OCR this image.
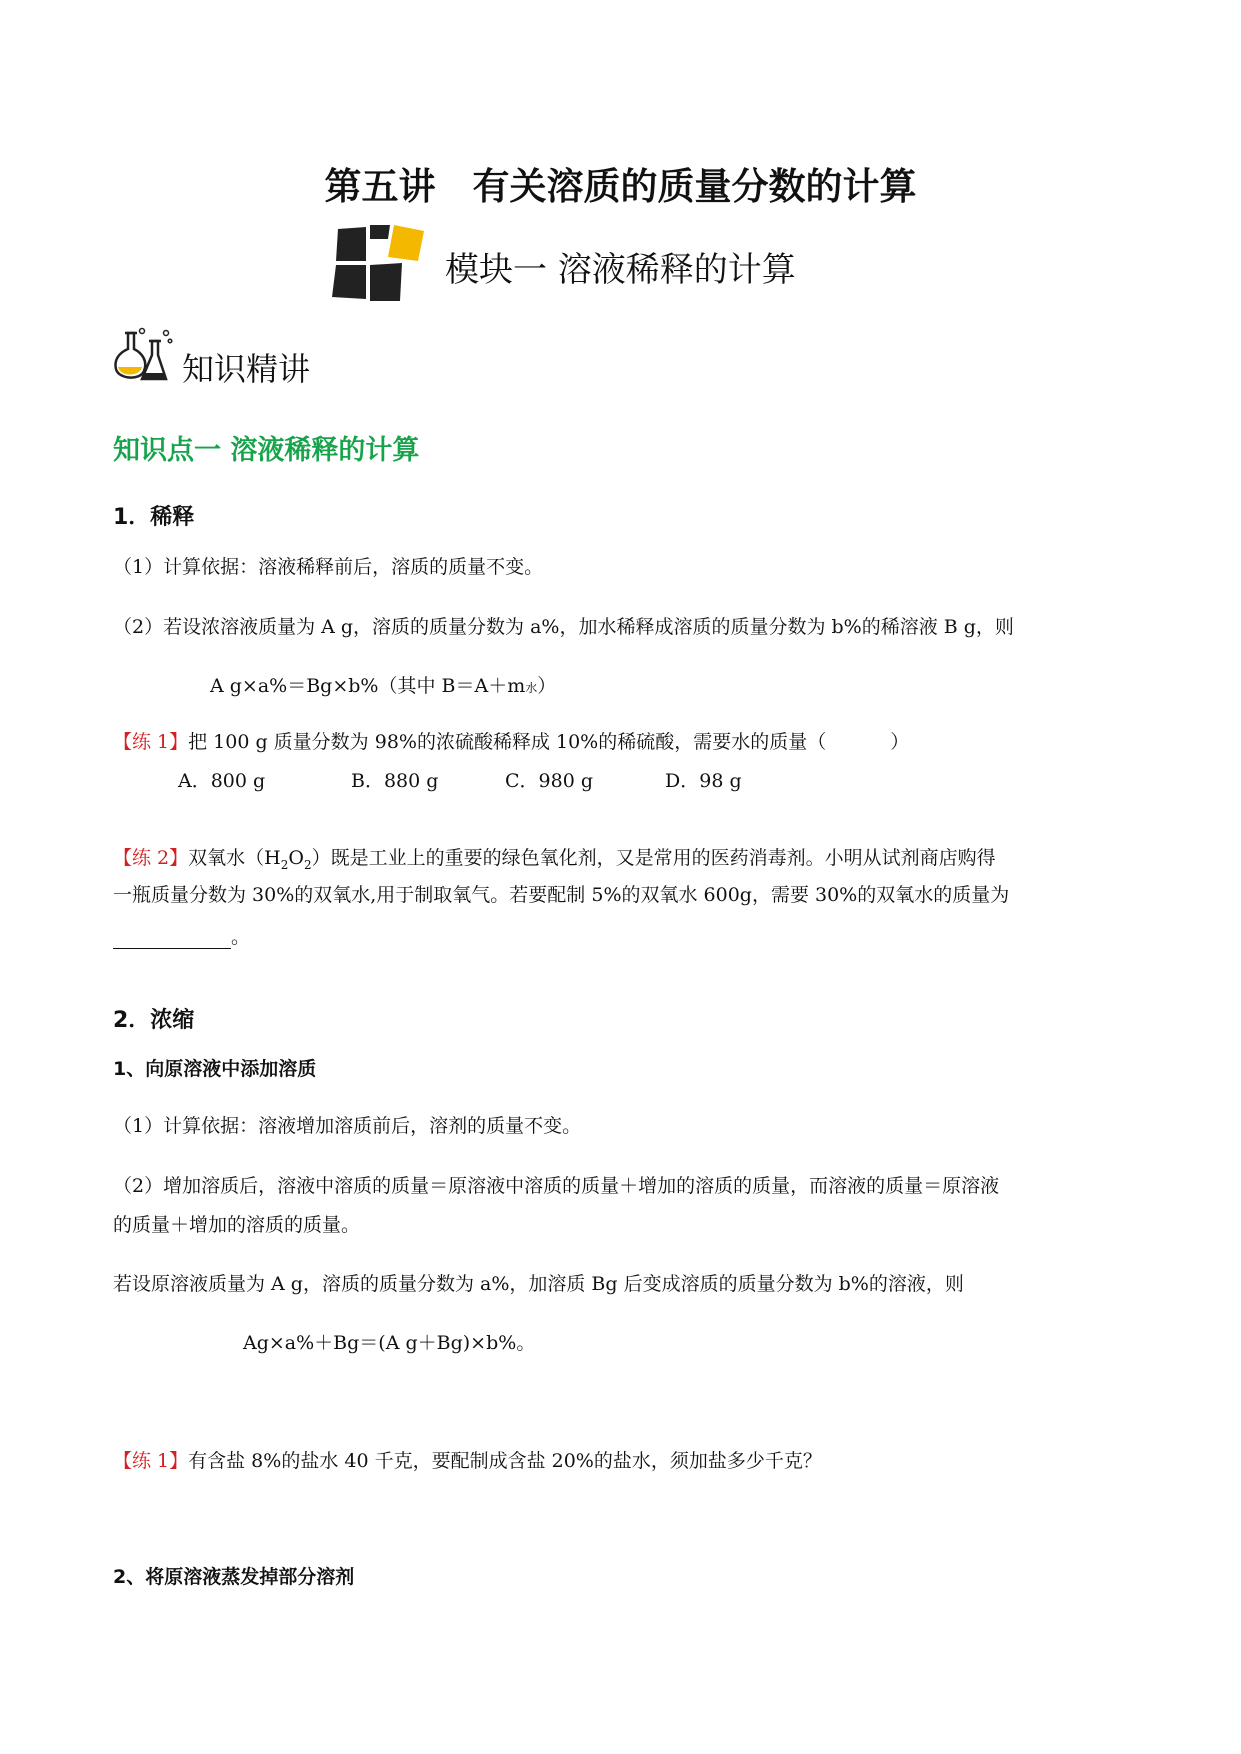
第五讲　有关溶质的质量分数的计算
模块一 溶液稀释的计算
知识精讲
知识点一 溶液稀释的计算
1．稀释
（1）计算依据：溶液稀释前后，溶质的质量不变。
（2）若设浓溶液质量为 A g，溶质的质量分数为 a%，加水稀释成溶质的质量分数为 b%的稀溶液 B g，则
A g×a%＝Bg×b%（其中 B＝A＋m水）
【练 1】把 100 g 质量分数为 98%的浓硫酸稀释成 10%的稀硫酸，需要水的质量（	）
A．800 g	B．880 g	C．980 g	D．98 g
【练 2】双氧水$(H_2O_2)$既是工业上的重要的绿色氧化剂，又是常用的医药消毒剂。小明从试剂商店购得
一瓶质量分数为 30%的双氧水,用于制取氧气。若要配制 5%的双氧水 600g，需要 30%的双氧水的质量为
。
2．浓缩
1、向原溶液中添加溶质
（1）计算依据：溶液增加溶质前后，溶剂的质量不变。
（2）增加溶质后，溶液中溶质的质量＝原溶液中溶质的质量＋增加的溶质的质量，而溶液的质量＝原溶液
的质量＋增加的溶质的质量。
若设原溶液质量为 A g，溶质的质量分数为 a%，加溶质 Bg 后变成溶质的质量分数为 b%的溶液，则
Ag×a%＋Bg＝(A g＋Bg)×b%。
【练 1】有含盐 8%的盐水 40 千克，要配制成含盐 20%的盐水，须加盐多少千克？
2、将原溶液蒸发掉部分溶剂
